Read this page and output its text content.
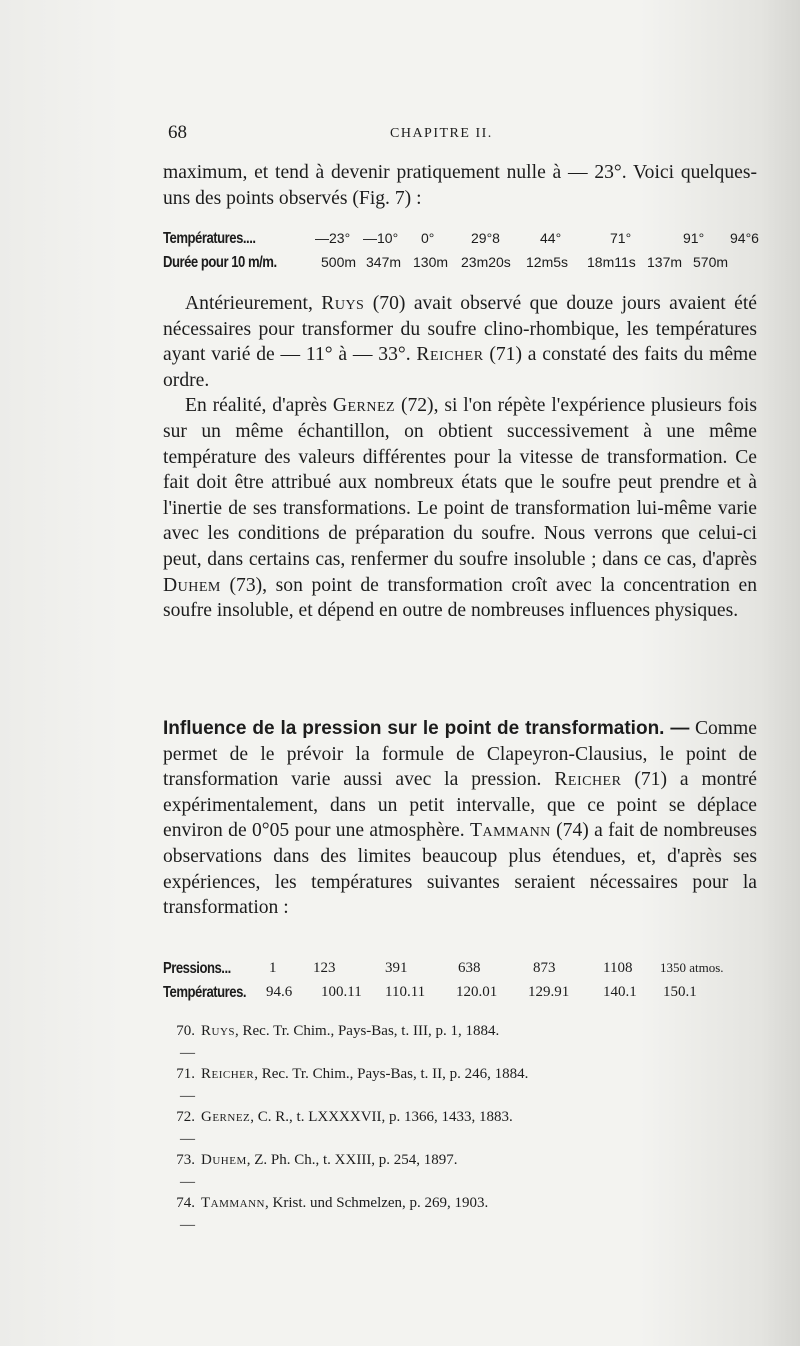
68	CHAPITRE II.

maximum, et tend à devenir pratiquement nulle à — 23°. Voici quelques-uns des points observés (Fig. 7) :

Températures....	—23° —10° 0°	29°8	44°	71°	91° 94°6
Durée pour 10 m/m.	500m 347m 130m 23m20s 12m5s 18m11s 137m 570m

Antérieurement, Ruys (70) avait observé que douze jours avaient été nécessaires pour transformer du soufre clino-rhombique, les températures ayant varié de — 11° à — 33°. Reicher (71) a constaté des faits du même ordre.

En réalité, d'après Gernez (72), si l'on répète l'expérience plusieurs fois sur un même échantillon, on obtient successivement à une même température des valeurs différentes pour la vitesse de transformation. Ce fait doit être attribué aux nombreux états que le soufre peut prendre et à l'inertie de ses transformations. Le point de transformation lui-même varie avec les conditions de préparation du soufre. Nous verrons que celui-ci peut, dans certains cas, renfermer du soufre insoluble ; dans ce cas, d'après Duhem (73), son point de transformation croît avec la concentration en soufre insoluble, et dépend en outre de nombreuses influences physiques.

Influence de la pression sur le point de transformation. — Comme permet de le prévoir la formule de Clapeyron-Clausius, le point de transformation varie aussi avec la pression. Reicher (71) a montré expérimentalement, dans un petit intervalle, que ce point se déplace environ de 0°05 pour une atmosphère. Tammann (74) a fait de nombreuses observations dans des limites beaucoup plus étendues, et, d'après ses expériences, les températures suivantes seraient nécessaires pour la transformation :

Pressions...	1 123	391	638	873	1108 1350 atmos.
Températures. 94.6 100.11 110.11 120.01 129.91 140.1 150.1
70.—
Ruys, Rec. Tr. Chim., Pays-Bas, t. III, p. 1, 1884.
71.—
Reicher, Rec. Tr. Chim., Pays-Bas, t. II, p. 246, 1884.
72.—
Gernez, C. R., t. LXXXXVII, p. 1366, 1433, 1883.
73.—
Duhem, Z. Ph. Ch., t. XXIII, p. 254, 1897.
74.—
Tammann, Krist. und Schmelzen, p. 269, 1903.
